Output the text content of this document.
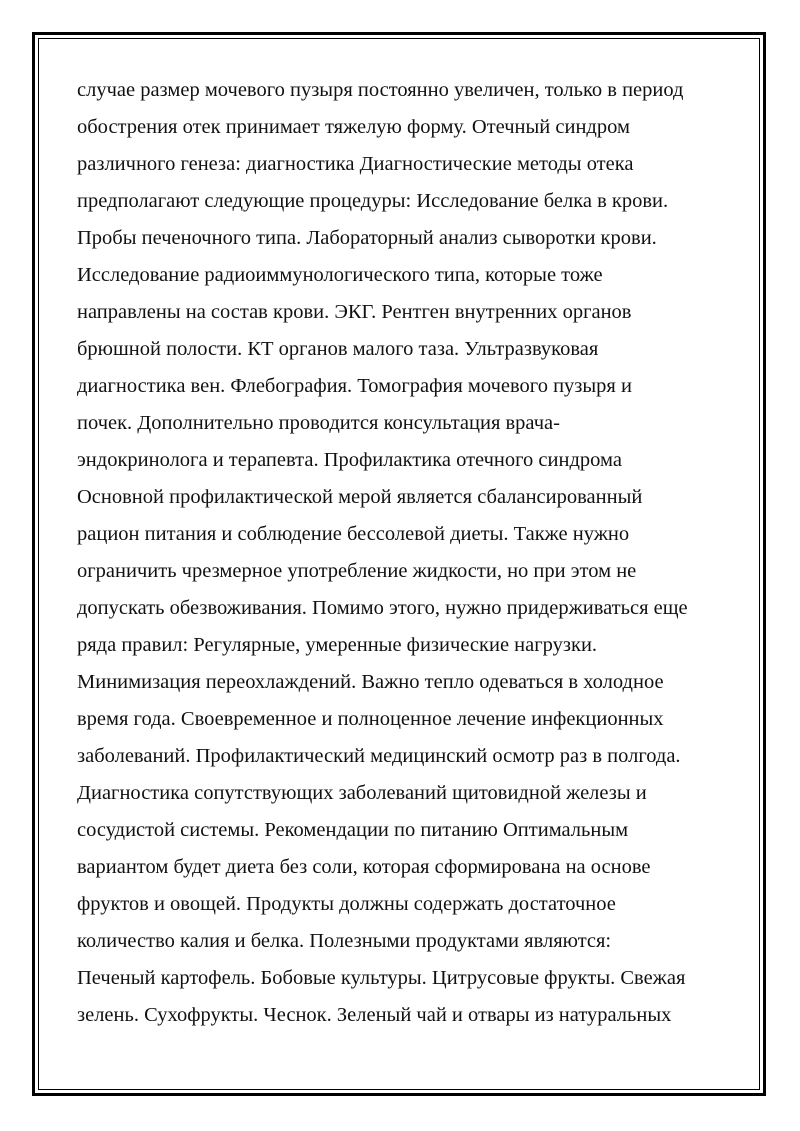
случае размер мочевого пузыря постоянно увеличен, только в период
обострения отек принимает тяжелую форму. Отечный синдром
различного генеза: диагностика Диагностические методы отека
предполагают следующие процедуры: Исследование белка в крови.
Пробы печеночного типа. Лабораторный анализ сыворотки крови.
Исследование радиоиммунологического типа, которые тоже
направлены на состав крови. ЭКГ. Рентген внутренних органов
брюшной полости. КТ органов малого таза. Ультразвуковая
диагностика вен. Флебография. Томография мочевого пузыря и
почек. Дополнительно проводится консультация врача-
эндокринолога и терапевта. Профилактика отечного синдрома
Основной профилактической мерой является сбалансированный
рацион питания и соблюдение бессолевой диеты. Также нужно
ограничить чрезмерное употребление жидкости, но при этом не
допускать обезвоживания. Помимо этого, нужно придерживаться еще
ряда правил: Регулярные, умеренные физические нагрузки.
Минимизация переохлаждений. Важно тепло одеваться в холодное
время года. Своевременное и полноценное лечение инфекционных
заболеваний. Профилактический медицинский осмотр раз в полгода.
Диагностика сопутствующих заболеваний щитовидной железы и
сосудистой системы. Рекомендации по питанию Оптимальным
вариантом будет диета без соли, которая сформирована на основе
фруктов и овощей. Продукты должны содержать достаточное
количество калия и белка. Полезными продуктами являются:
Печеный картофель. Бобовые культуры. Цитрусовые фрукты. Свежая
зелень. Сухофрукты. Чеснок. Зеленый чай и отвары из натуральных
